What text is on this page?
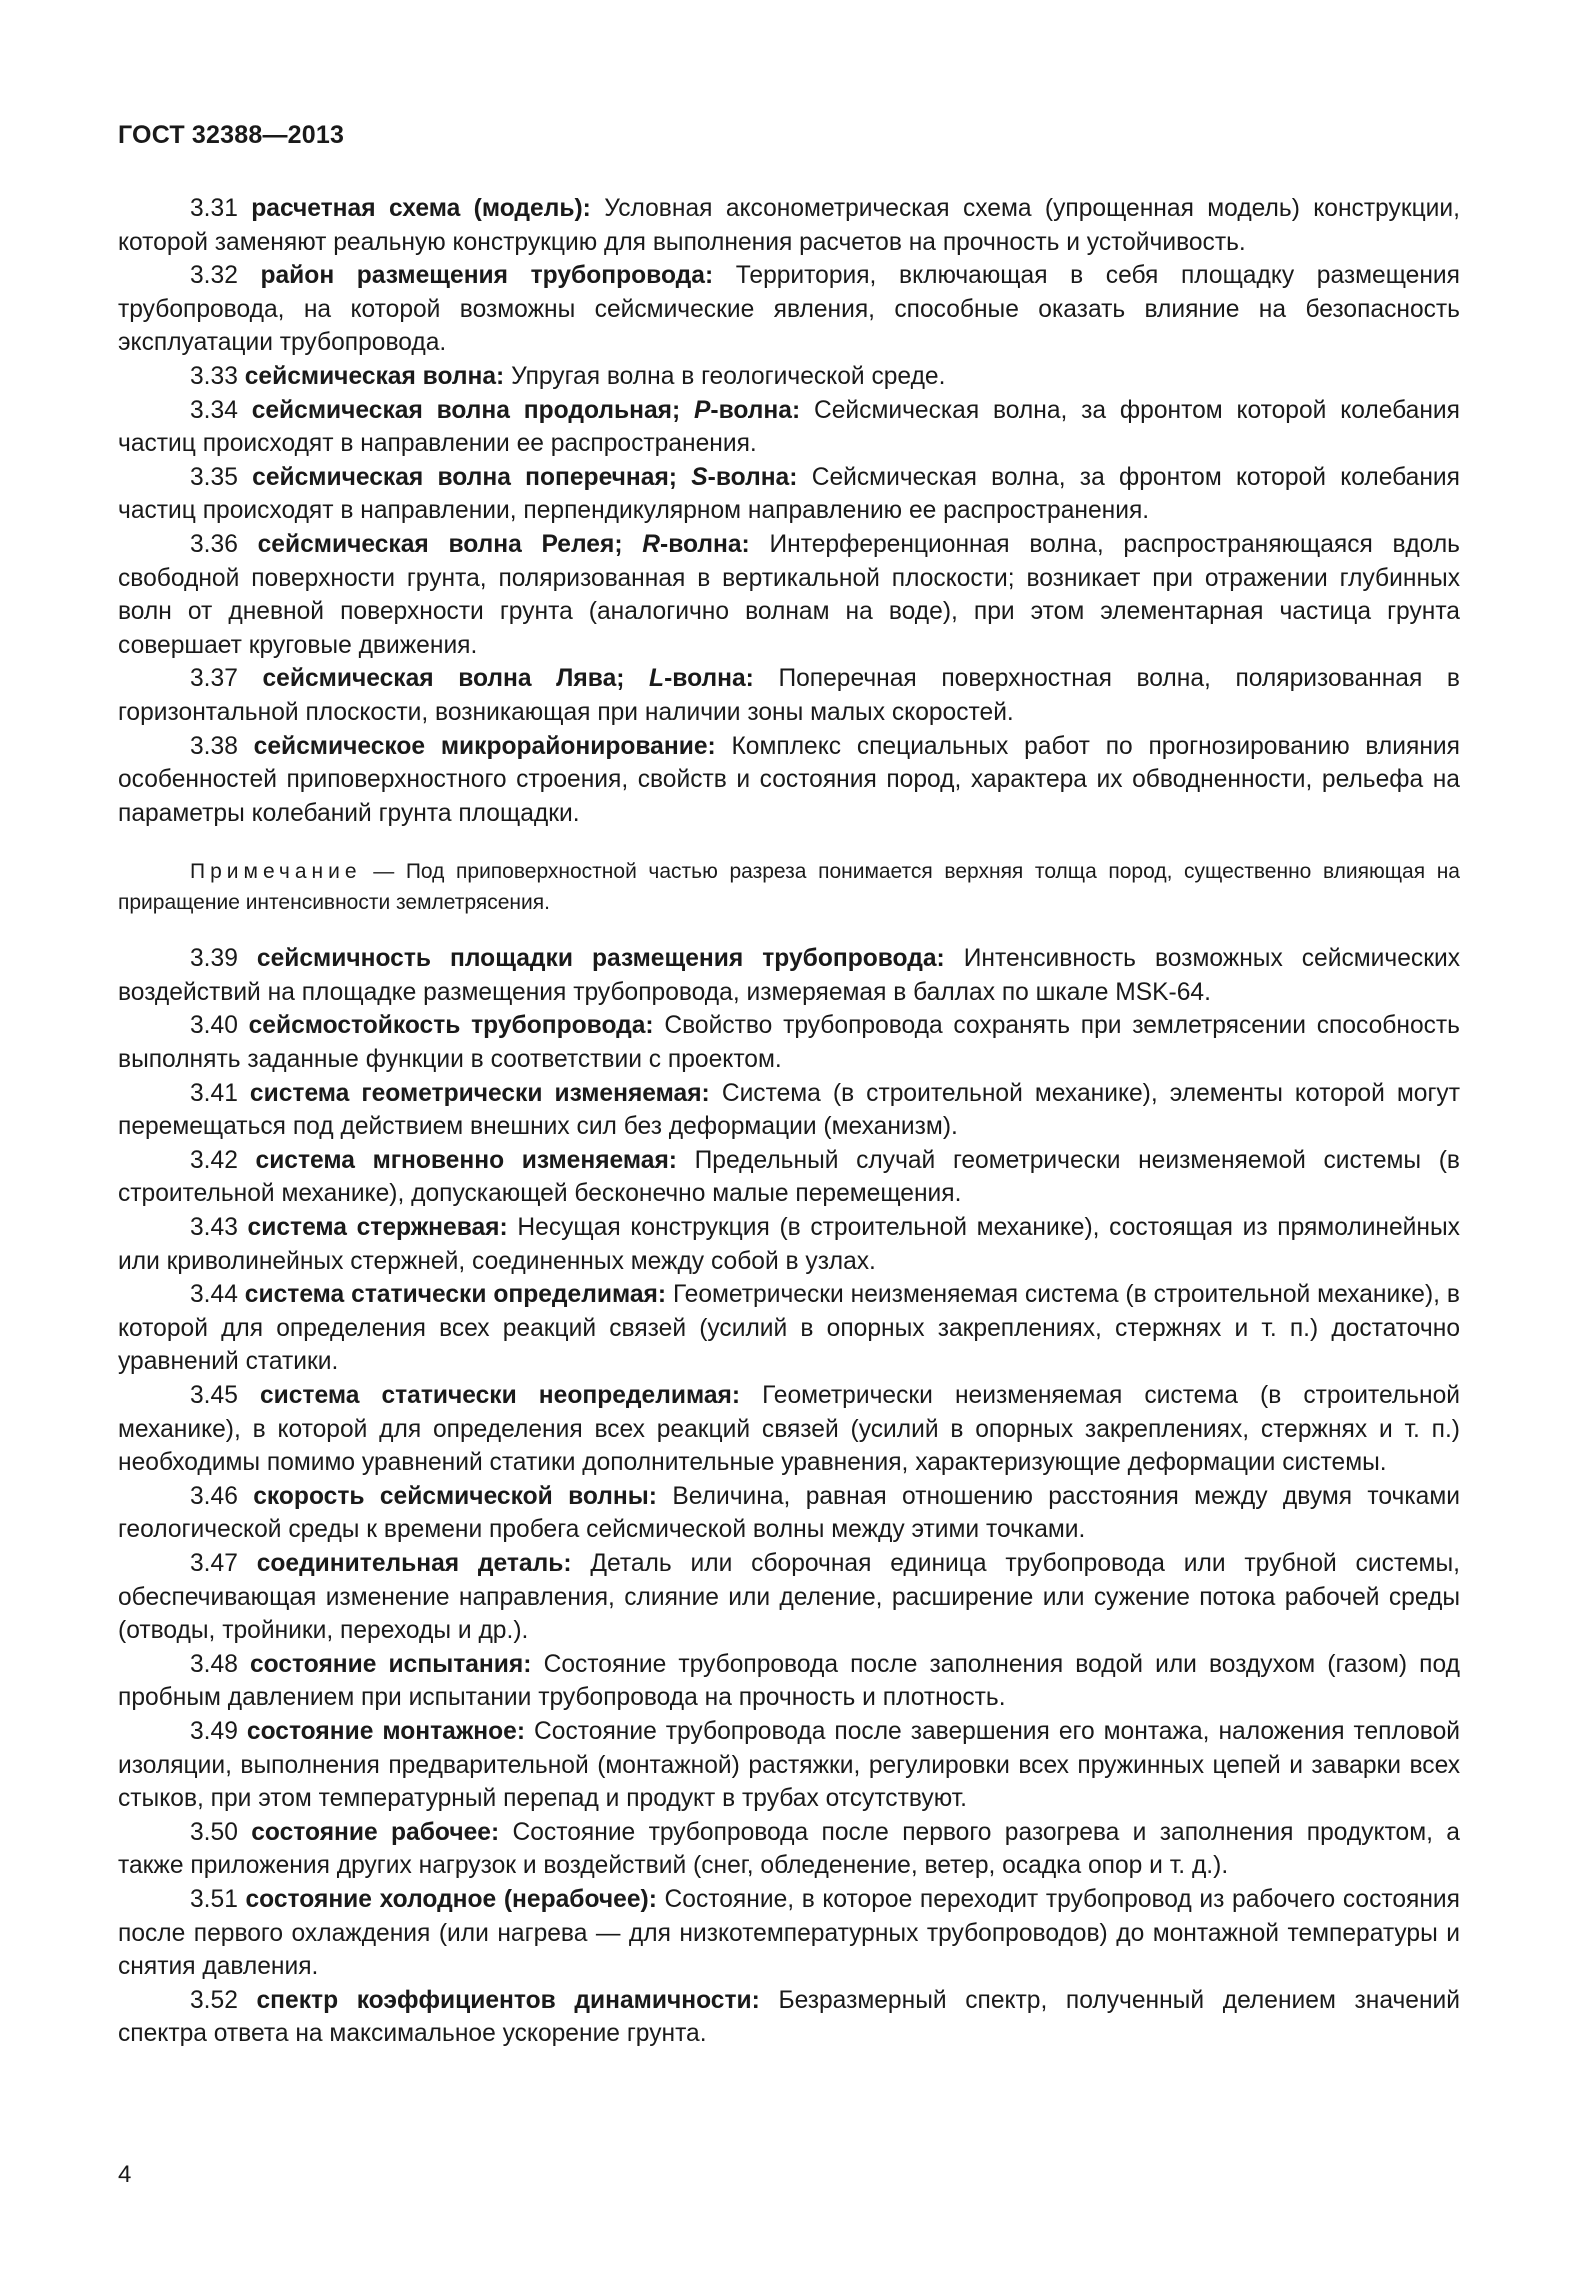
ГОСТ 32388—2013

3.31 расчетная схема (модель): Условная аксонометрическая схема (упрощенная модель) конструкции, которой заменяют реальную конструкцию для выполнения расчетов на прочность и устойчивость.

3.32 район размещения трубопровода: Территория, включающая в себя площадку размещения трубопровода, на которой возможны сейсмические явления, способные оказать влияние на безопасность эксплуатации трубопровода.

3.33 сейсмическая волна: Упругая волна в геологической среде.

3.34 сейсмическая волна продольная; P-волна: Сейсмическая волна, за фронтом которой колебания частиц происходят в направлении ее распространения.

3.35 сейсмическая волна поперечная; S-волна: Сейсмическая волна, за фронтом которой колебания частиц происходят в направлении, перпендикулярном направлению ее распространения.

3.36 сейсмическая волна Релея; R-волна: Интерференционная волна, распространяющаяся вдоль свободной поверхности грунта, поляризованная в вертикальной плоскости; возникает при отражении глубинных волн от дневной поверхности грунта (аналогично волнам на воде), при этом элементарная частица грунта совершает круговые движения.

3.37 сейсмическая волна Лява; L-волна: Поперечная поверхностная волна, поляризованная в горизонтальной плоскости, возникающая при наличии зоны малых скоростей.

3.38 сейсмическое микрорайонирование: Комплекс специальных работ по прогнозированию влияния особенностей приповерхностного строения, свойств и состояния пород, характера их обводненности, рельефа на параметры колебаний грунта площадки.

Примечание — Под приповерхностной частью разреза понимается верхняя толща пород, существенно влияющая на приращение интенсивности землетрясения.

3.39 сейсмичность площадки размещения трубопровода: Интенсивность возможных сейсмических воздействий на площадке размещения трубопровода, измеряемая в баллах по шкале MSK-64.

3.40 сейсмостойкость трубопровода: Свойство трубопровода сохранять при землетрясении способность выполнять заданные функции в соответствии с проектом.

3.41 система геометрически изменяемая: Система (в строительной механике), элементы которой могут перемещаться под действием внешних сил без деформации (механизм).

3.42 система мгновенно изменяемая: Предельный случай геометрически неизменяемой системы (в строительной механике), допускающей бесконечно малые перемещения.

3.43 система стержневая: Несущая конструкция (в строительной механике), состоящая из прямолинейных или криволинейных стержней, соединенных между собой в узлах.

3.44 система статически определимая: Геометрически неизменяемая система (в строительной механике), в которой для определения всех реакций связей (усилий в опорных закреплениях, стержнях и т. п.) достаточно уравнений статики.

3.45 система статически неопределимая: Геометрически неизменяемая система (в строительной механике), в которой для определения всех реакций связей (усилий в опорных закреплениях, стержнях и т. п.) необходимы помимо уравнений статики дополнительные уравнения, характеризующие деформации системы.

3.46 скорость сейсмической волны: Величина, равная отношению расстояния между двумя точками геологической среды к времени пробега сейсмической волны между этими точками.

3.47 соединительная деталь: Деталь или сборочная единица трубопровода или трубной системы, обеспечивающая изменение направления, слияние или деление, расширение или сужение потока рабочей среды (отводы, тройники, переходы и др.).

3.48 состояние испытания: Состояние трубопровода после заполнения водой или воздухом (газом) под пробным давлением при испытании трубопровода на прочность и плотность.

3.49 состояние монтажное: Состояние трубопровода после завершения его монтажа, наложения тепловой изоляции, выполнения предварительной (монтажной) растяжки, регулировки всех пружинных цепей и заварки всех стыков, при этом температурный перепад и продукт в трубах отсутствуют.

3.50 состояние рабочее: Состояние трубопровода после первого разогрева и заполнения продуктом, а также приложения других нагрузок и воздействий (снег, обледенение, ветер, осадка опор и т. д.).

3.51 состояние холодное (нерабочее): Состояние, в которое переходит трубопровод из рабочего состояния после первого охлаждения (или нагрева — для низкотемпературных трубопроводов) до монтажной температуры и снятия давления.

3.52 спектр коэффициентов динамичности: Безразмерный спектр, полученный делением значений спектра ответа на максимальное ускорение грунта.

4
